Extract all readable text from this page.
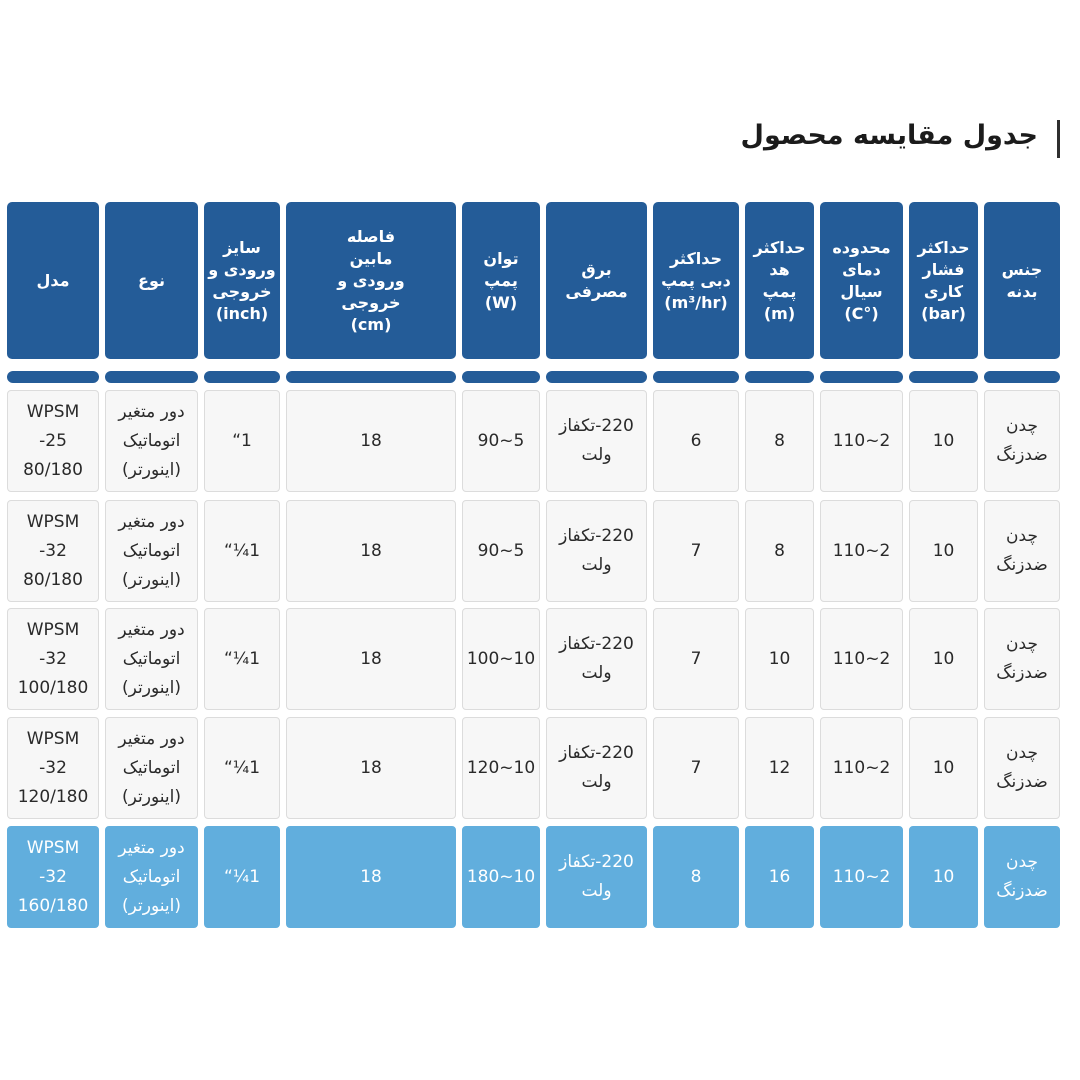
جدول مقایسه محصول
جنس
بدنه
حداکثر
فشار
کاری
(bar)
محدوده
دمای
سیال
(°C)
حداکثر
هد
پمپ
(m)
حداکثر
دبی پمپ
(m³/hr)
برق مصرفی
توان
پمپ
(W)
فاصله
مابین
ورودی و
خروجی
(cm)
سایز
ورودی و
خروجی
(inch)
نوع
مدل
چدن
ضدزنگ
10
2~110
8
6
220-تکفاز
ولت
5~90
18
1“
دور متغیر
اتوماتیک
(اینورتر)
WPSM
25-
80/180
چدن
ضدزنگ
10
2~110
8
7
220-تکفاز
ولت
5~90
18
1¼“
دور متغیر
اتوماتیک
(اینورتر)
WPSM
32-
80/180
چدن
ضدزنگ
10
2~110
10
7
220-تکفاز
ولت
10~100
18
1¼“
دور متغیر
اتوماتیک
(اینورتر)
WPSM
32-
100/180
چدن
ضدزنگ
10
2~110
12
7
220-تکفاز
ولت
10~120
18
1¼“
دور متغیر
اتوماتیک
(اینورتر)
WPSM
32-
120/180
چدن
ضدزنگ
10
2~110
16
8
220-تکفاز
ولت
10~180
18
1¼“
دور متغیر
اتوماتیک
(اینورتر)
WPSM
32-
160/180
